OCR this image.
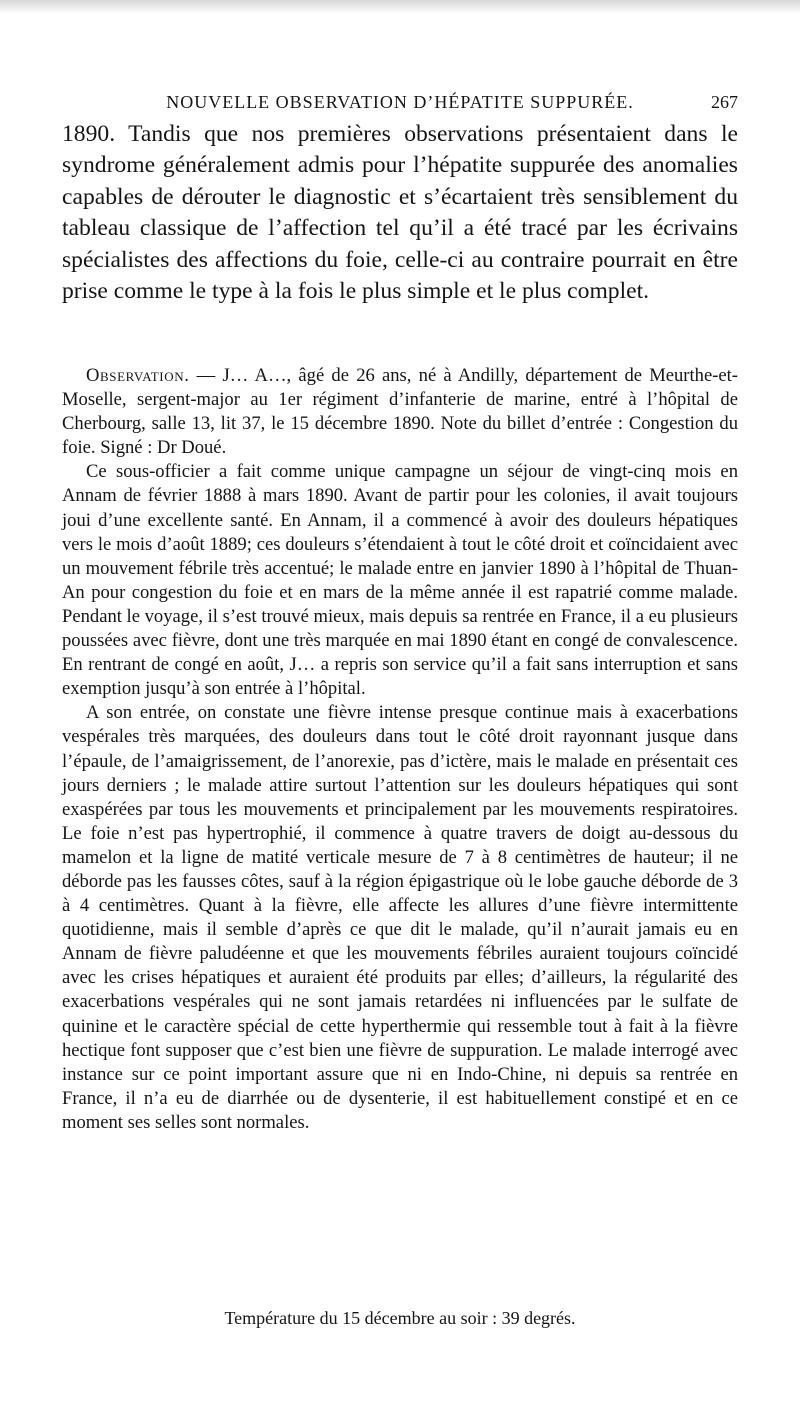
NOUVELLE OBSERVATION D’HÉPATITE SUPPURÉE.	267

1890. Tandis que nos premières observations présentaient dans le syndrome généralement admis pour l’hépatite suppurée des anomalies capables de dérouter le diagnostic et s’écartaient très sensiblement du tableau classique de l’affection tel qu’il a été tracé par les écrivains spécialistes des affections du foie, celle-ci au contraire pourrait en être prise comme le type à la fois le plus simple et le plus complet.

Observation. — J… A…, âgé de 26 ans, né à Andilly, département de Meurthe-et-Moselle, sergent-major au 1er régiment d’infanterie de marine, entré à l’hôpital de Cherbourg, salle 13, lit 37, le 15 décembre 1890. Note du billet d’entrée : Congestion du foie. Signé : Dr Doué.

Ce sous-officier a fait comme unique campagne un séjour de vingt-cinq mois en Annam de février 1888 à mars 1890. Avant de partir pour les colonies, il avait toujours joui d’une excellente santé. En Annam, il a commencé à avoir des douleurs hépatiques vers le mois d’août 1889; ces douleurs s’étendaient à tout le côté droit et coïncidaient avec un mouvement fébrile très accentué; le malade entre en janvier 1890 à l’hôpital de Thuan-An pour congestion du foie et en mars de la même année il est rapatrié comme malade. Pendant le voyage, il s’est trouvé mieux, mais depuis sa rentrée en France, il a eu plusieurs poussées avec fièvre, dont une très marquée en mai 1890 étant en congé de convalescence. En rentrant de congé en août, J… a repris son service qu’il a fait sans interruption et sans exemption jusqu’à son entrée à l’hôpital.

A son entrée, on constate une fièvre intense presque continue mais à exacerbations vespérales très marquées, des douleurs dans tout le côté droit rayonnant jusque dans l’épaule, de l’amaigrissement, de l’anorexie, pas d’ictère, mais le malade en présentait ces jours derniers ; le malade attire surtout l’attention sur les douleurs hépatiques qui sont exaspérées par tous les mouvements et principalement par les mouvements respiratoires. Le foie n’est pas hypertrophié, il commence à quatre travers de doigt au-dessous du mamelon et la ligne de matité verticale mesure de 7 à 8 centimètres de hauteur; il ne déborde pas les fausses côtes, sauf à la région épigastrique où le lobe gauche déborde de 3 à 4 centimètres. Quant à la fièvre, elle affecte les allures d’une fièvre intermittente quotidienne, mais il semble d’après ce que dit le malade, qu’il n’aurait jamais eu en Annam de fièvre paludéenne et que les mouvements fébriles auraient toujours coïncidé avec les crises hépatiques et auraient été produits par elles; d’ailleurs, la régularité des exacerbations vespérales qui ne sont jamais retardées ni influencées par le sulfate de quinine et le caractère spécial de cette hyperthermie qui ressemble tout à fait à la fièvre hectique font supposer que c’est bien une fièvre de suppuration. Le malade interrogé avec instance sur ce point important assure que ni en Indo-Chine, ni depuis sa rentrée en France, il n’a eu de diarrhée ou de dysenterie, il est habituellement constipé et en ce moment ses selles sont normales.

Température du 15 décembre au soir : 39 degrés.
